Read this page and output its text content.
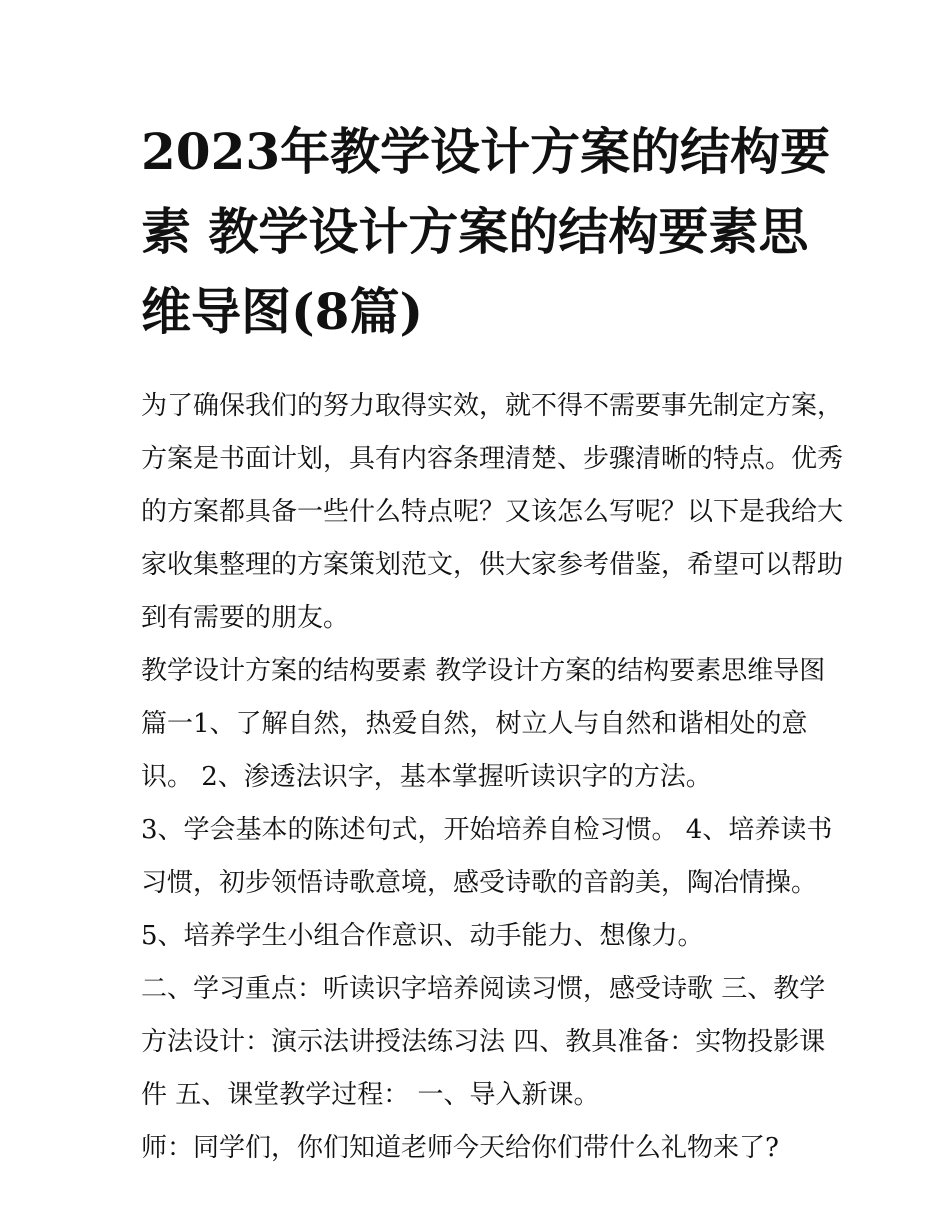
2023年教学设计方案的结构要
素 教学设计方案的结构要素思
维导图(8篇)

为了确保我们的努力取得实效，就不得不需要事先制定方案，
方案是书面计划，具有内容条理清楚、步骤清晰的特点。优秀
的方案都具备一些什么特点呢？又该怎么写呢？以下是我给大
家收集整理的方案策划范文，供大家参考借鉴，希望可以帮助
到有需要的朋友。

教学设计方案的结构要素 教学设计方案的结构要素思维导图
篇一1、了解自然，热爱自然，树立人与自然和谐相处的意
识。 2、渗透法识字，基本掌握听读识字的方法。

3、学会基本的陈述句式，开始培养自检习惯。 4、培养读书
习惯，初步领悟诗歌意境，感受诗歌的音韵美，陶冶情操。

5、培养学生小组合作意识、动手能力、想像力。

二、学习重点：听读识字培养阅读习惯，感受诗歌 三、教学
方法设计：演示法讲授法练习法 四、教具准备：实物投影课
件 五、课堂教学过程： 一、导入新课。

师：同学们，你们知道老师今天给你们带什么礼物来了?
